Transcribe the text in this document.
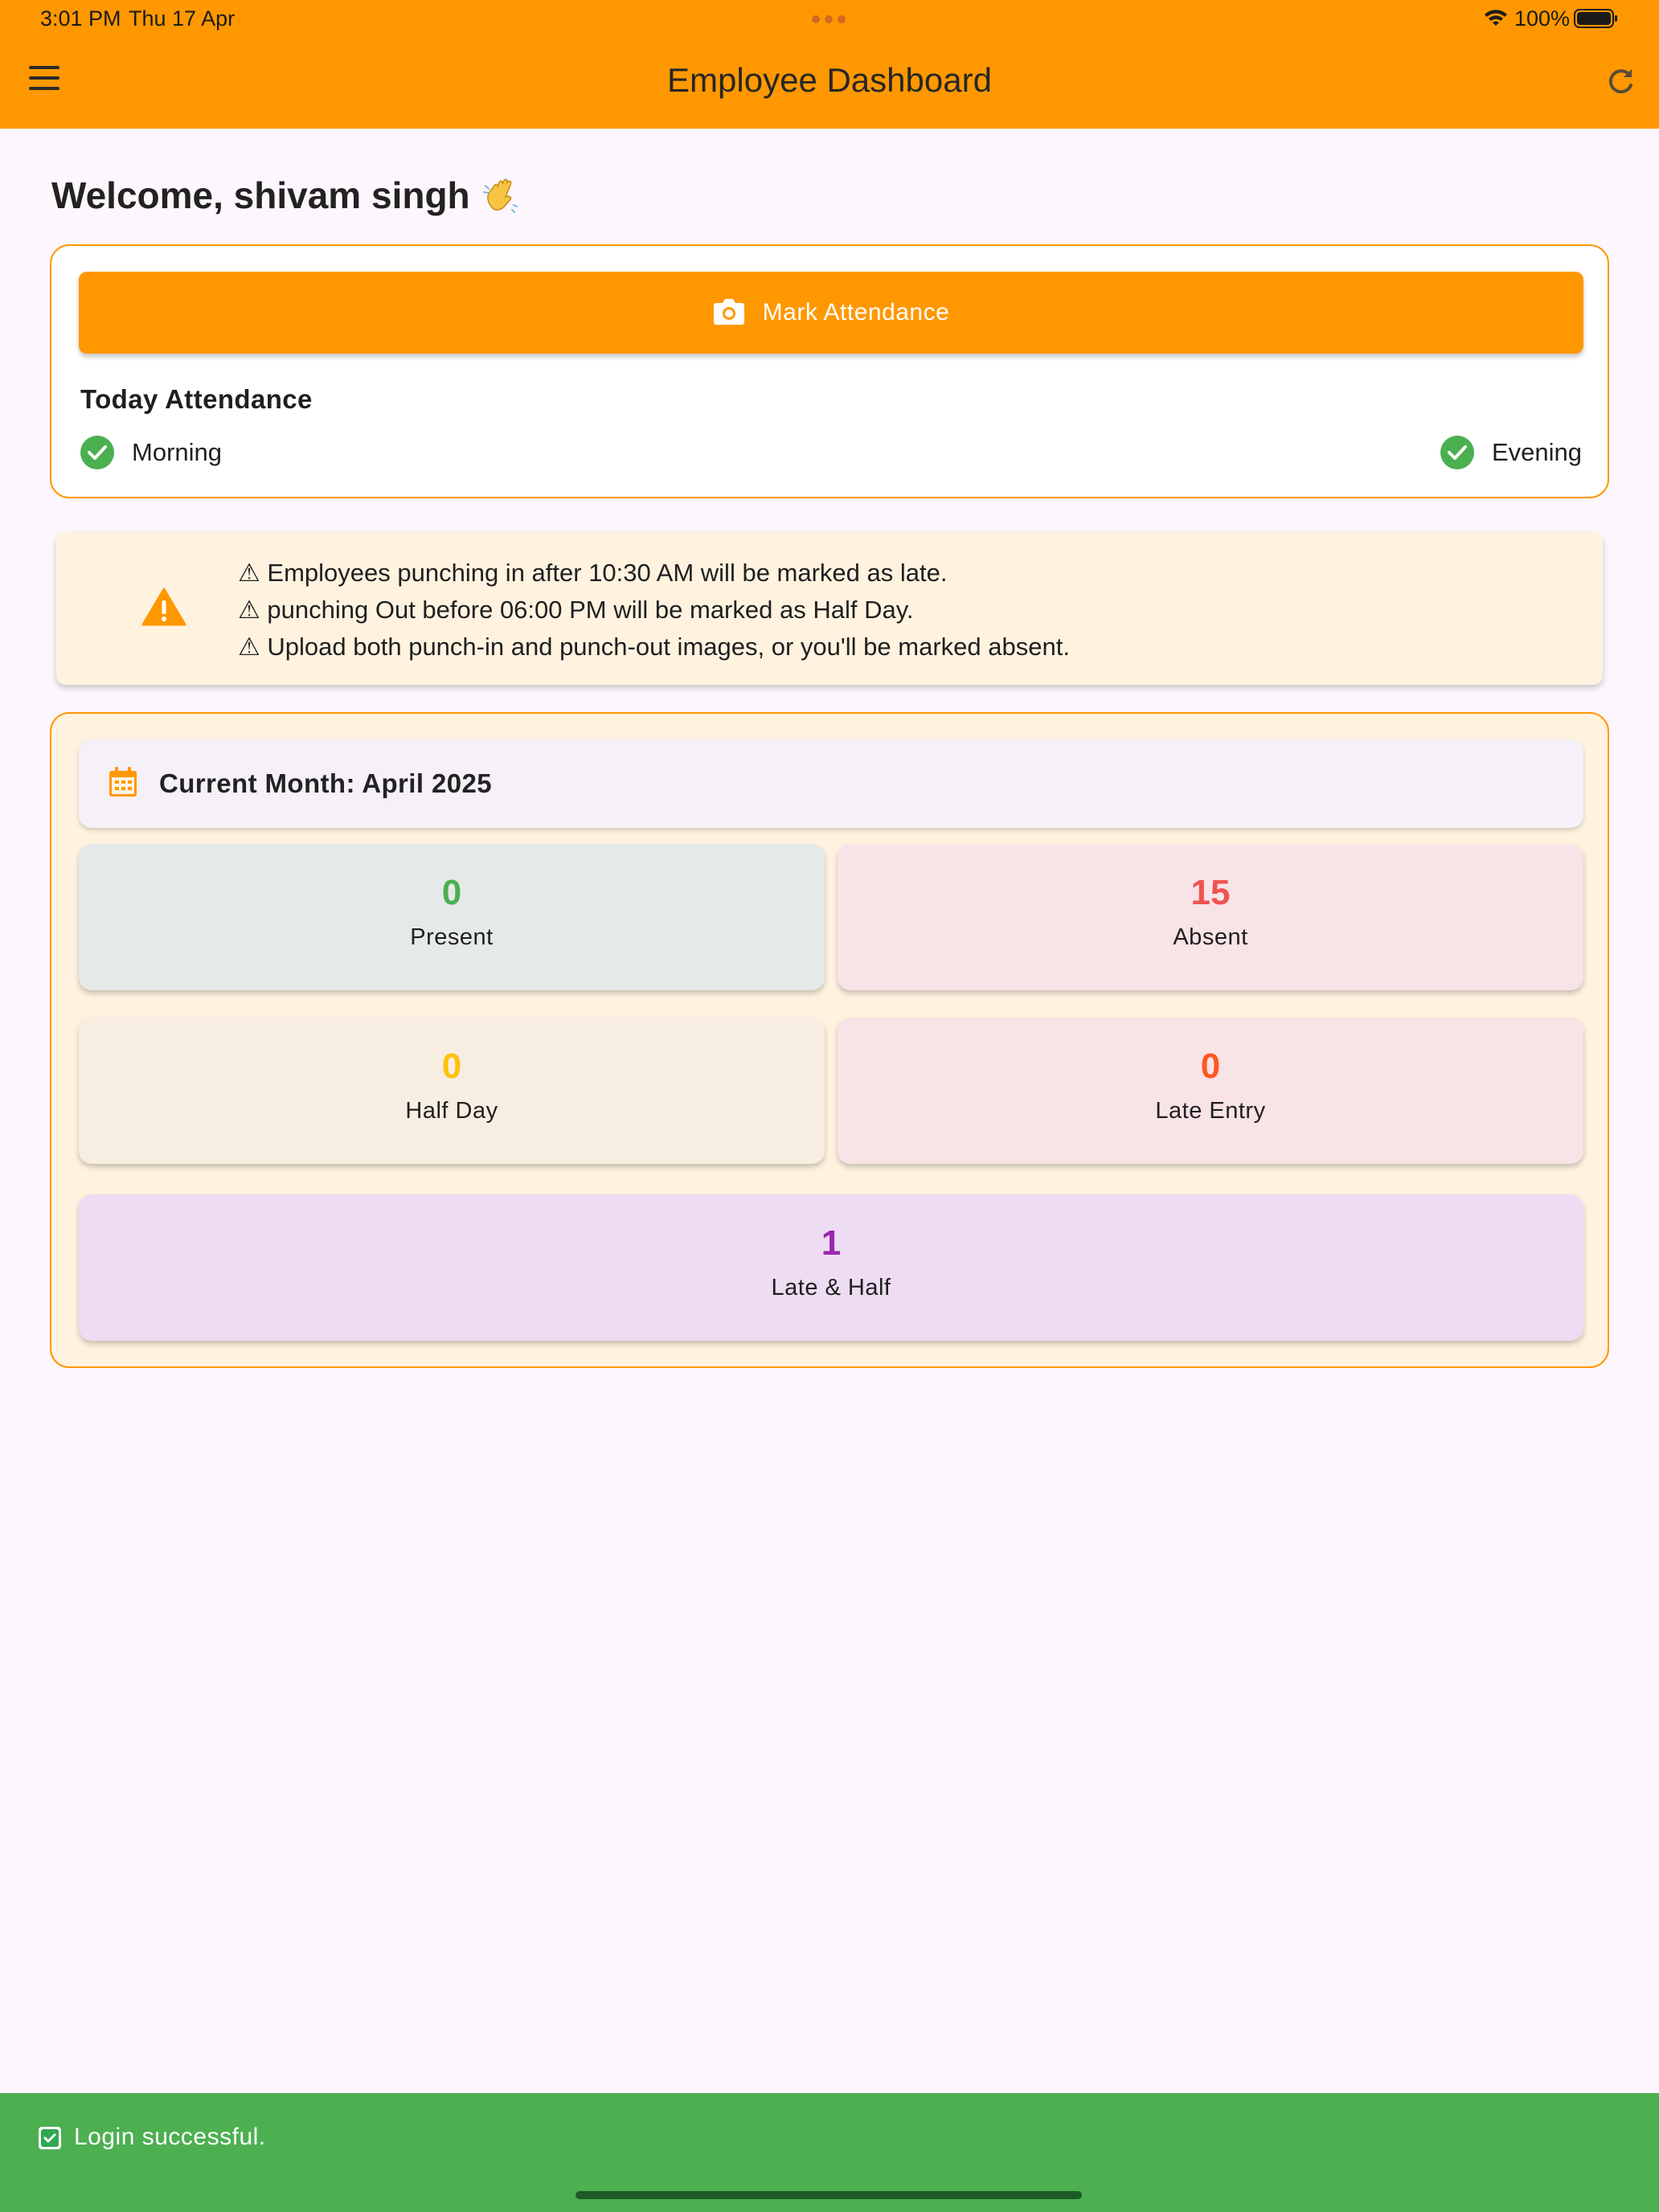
3:01 PM Thu 17 Apr	100%
Employee Dashboard
Welcome, shivam singh
Mark Attendance
Today Attendance
Morning	Evening
⚠ Employees punching in after 10:30 AM will be marked as late.
⚠ punching Out before 06:00 PM will be marked as Half Day.
⚠ Upload both punch-in and punch-out images, or you'll be marked absent.
Current Month: April 2025
0
Present
15
Absent
0
Half Day
0
Late Entry
1
Late & Half
Login successful.
